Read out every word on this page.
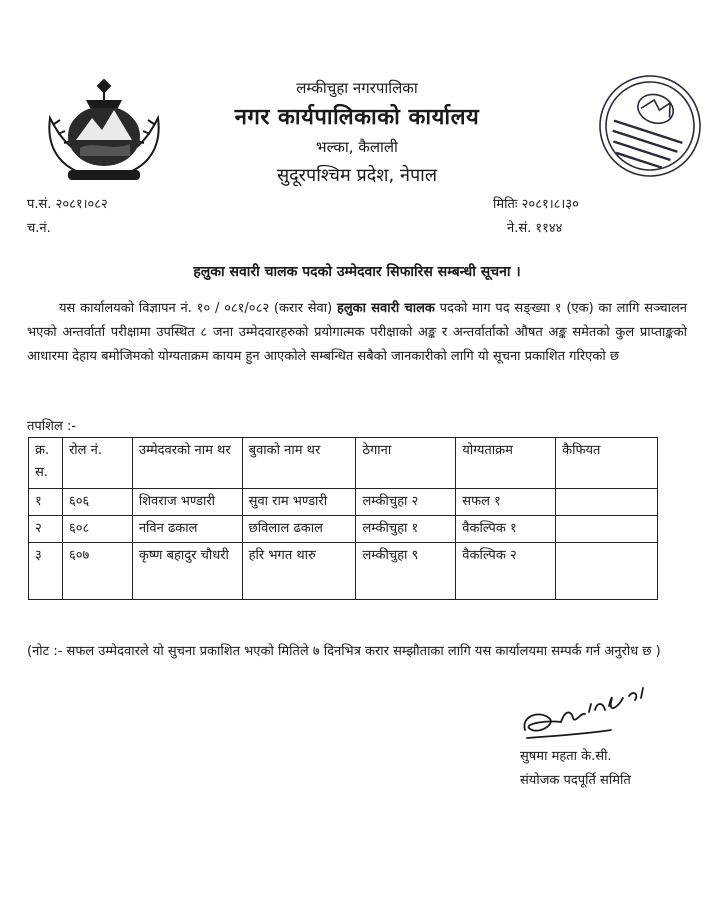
लम्कीचुहा नगरपालिका
नगर कार्यपालिकाको कार्यालय
भल्का, कैलाली
सुदूरपश्चिम प्रदेश, नेपाल
प.सं. २०८१।०८२
च.नं.
मितिः २०८१।८।३०
ने.सं. ११४४
हलुका सवारी चालक पदको उम्मेदवार सिफारिस सम्बन्धी सूचना ।
यस कार्यालयको विज्ञापन नं. १० / ०८१/०८२ (करार सेवा) हलुका सवारी चालक पदको माग पद सङ्ख्या १ (एक) का लागि सञ्चालन भएको अन्तर्वार्ता परीक्षामा उपस्थित ८ जना उम्मेदवारहरुको प्रयोगात्मक परीक्षाको अङ्क र अन्तर्वार्ताको औषत अङ्क समेतको कुल प्राप्ताङ्कको आधारमा देहाय बमोजिमको योग्यताक्रम कायम हुन आएकोले सम्बन्धित सबैको जानकारीको लागि यो सूचना प्रकाशित गरिएको छ
तपशिल :-
क्र. स.	रोल नं.	उम्मेदवरको नाम थर	बुवाको नाम थर	ठेगाना	योग्यताक्रम	कैफियत
१	६०६	शिवराज भण्डारी	सुवा राम भण्डारी	लम्कीचुहा २	सफल १	
२	६०८	नविन ढकाल	छविलाल ढकाल	लम्कीचुहा १	वैकल्पिक १	
३	६०७	कृष्ण बहादुर चौधरी	हरि भगत थारु	लम्कीचुहा ९	वैकल्पिक २	
(नोट :- सफल उम्मेदवारले यो सुचना प्रकाशित भएको मितिले ७ दिनभित्र करार सम्झौताका लागि यस कार्यालयमा सम्पर्क गर्न अनुरोध छ )
सुषमा महता के.सी.
संयोजक पदपूर्ति समिति
